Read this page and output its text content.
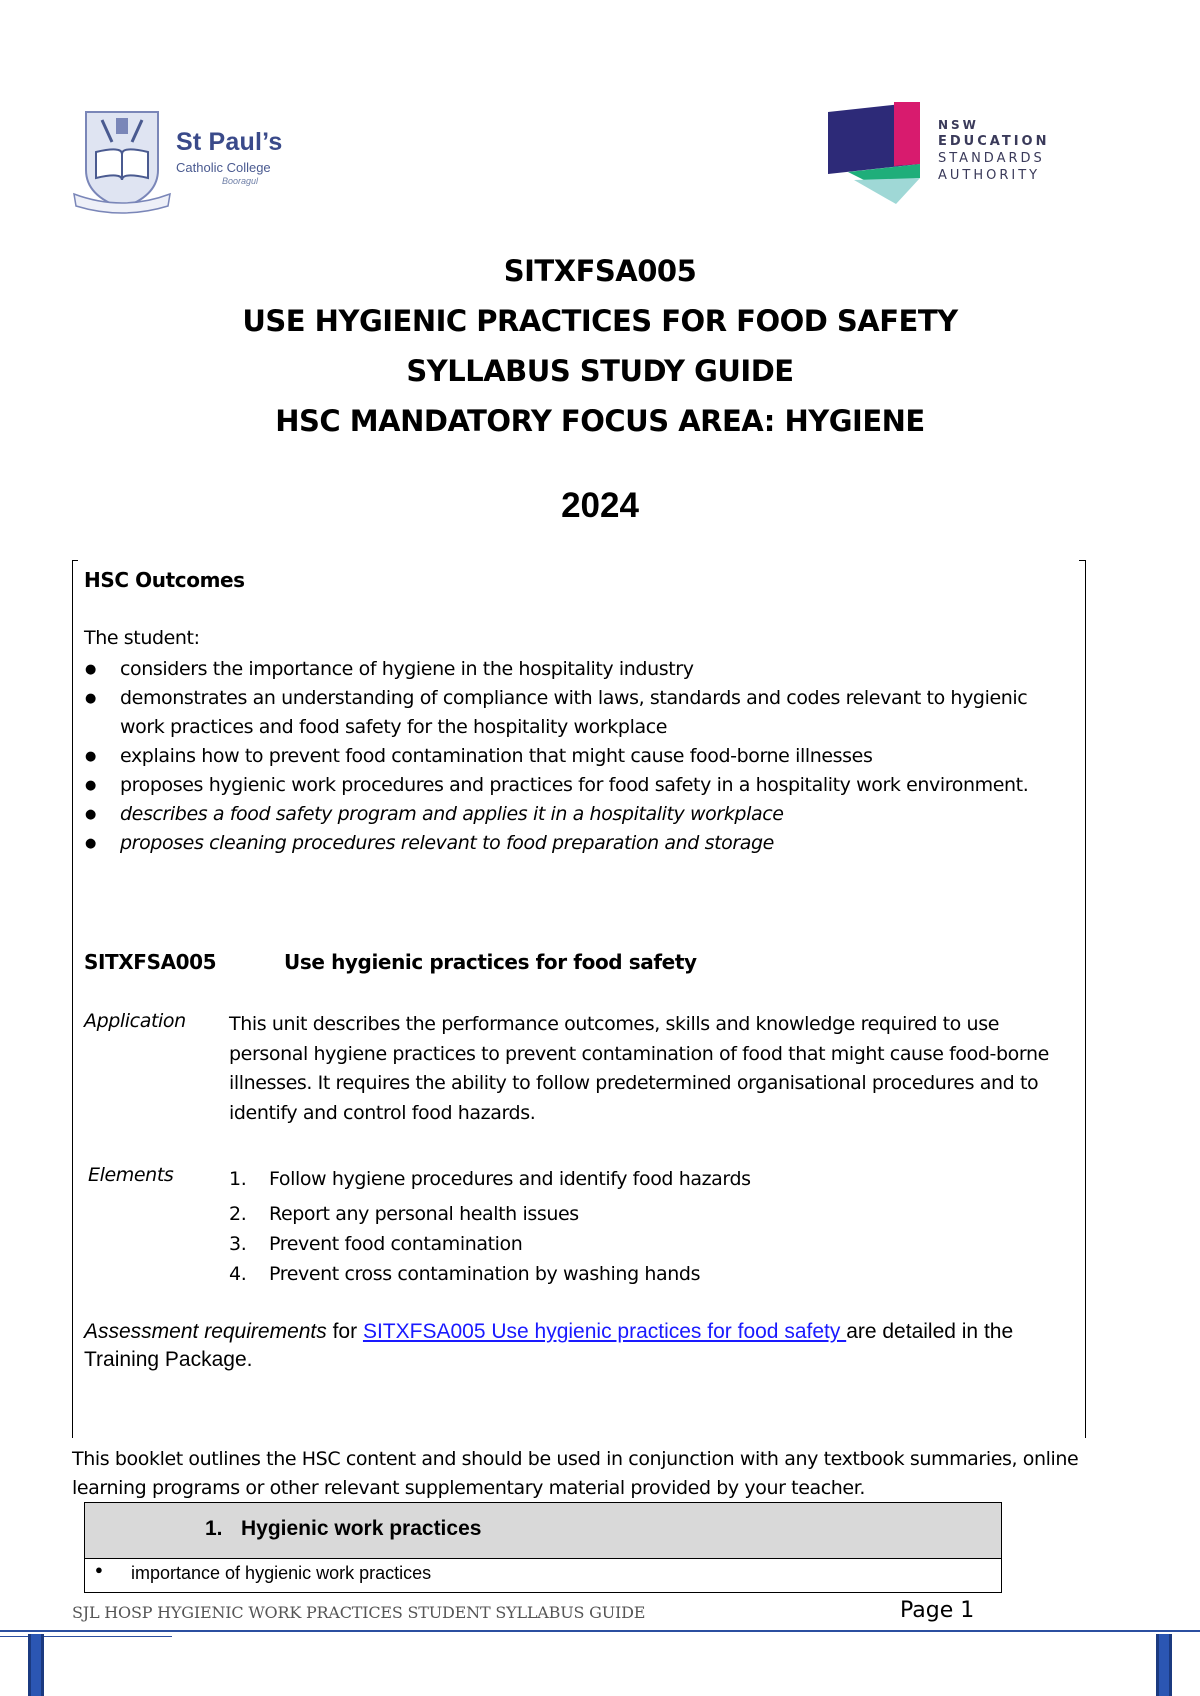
St Paul’s
Catholic College
Booragul
NSW
EDUCATION
STANDARDS
AUTHORITY
SITXFSA005
USE HYGIENIC PRACTICES FOR FOOD SAFETY
SYLLABUS STUDY GUIDE
HSC MANDATORY FOCUS AREA: HYGIENE
2024
HSC Outcomes
The student:
● considers the importance of hygiene in the hospitality industry
● demonstrates an understanding of compliance with laws, standards and codes relevant to hygienic work practices and food safety for the hospitality workplace
● explains how to prevent food contamination that might cause food-borne illnesses
● proposes hygienic work procedures and practices for food safety in a hospitality work environment.
● describes a food safety program and applies it in a hospitality workplace
● proposes cleaning procedures relevant to food preparation and storage
SITXFSA005	Use hygienic practices for food safety
Application This unit describes the performance outcomes, skills and knowledge required to use personal hygiene practices to prevent contamination of food that might cause food-borne illnesses. It requires the ability to follow predetermined organisational procedures and to identify and control food hazards.
Elements	1. Follow hygiene procedures and identify food hazards
2. Report any personal health issues
3. Prevent food contamination
4. Prevent cross contamination by washing hands
Assessment requirements for SITXFSA005 Use hygienic practices for food safety are detailed in the Training Package.
This booklet outlines the HSC content and should be used in conjunction with any textbook summaries, online learning programs or other relevant supplementary material provided by your teacher.
1. Hygienic work practices
● importance of hygienic work practices
SJL HOSP HYGIENIC WORK PRACTICES STUDENT SYLLABUS GUIDE	Page 1
